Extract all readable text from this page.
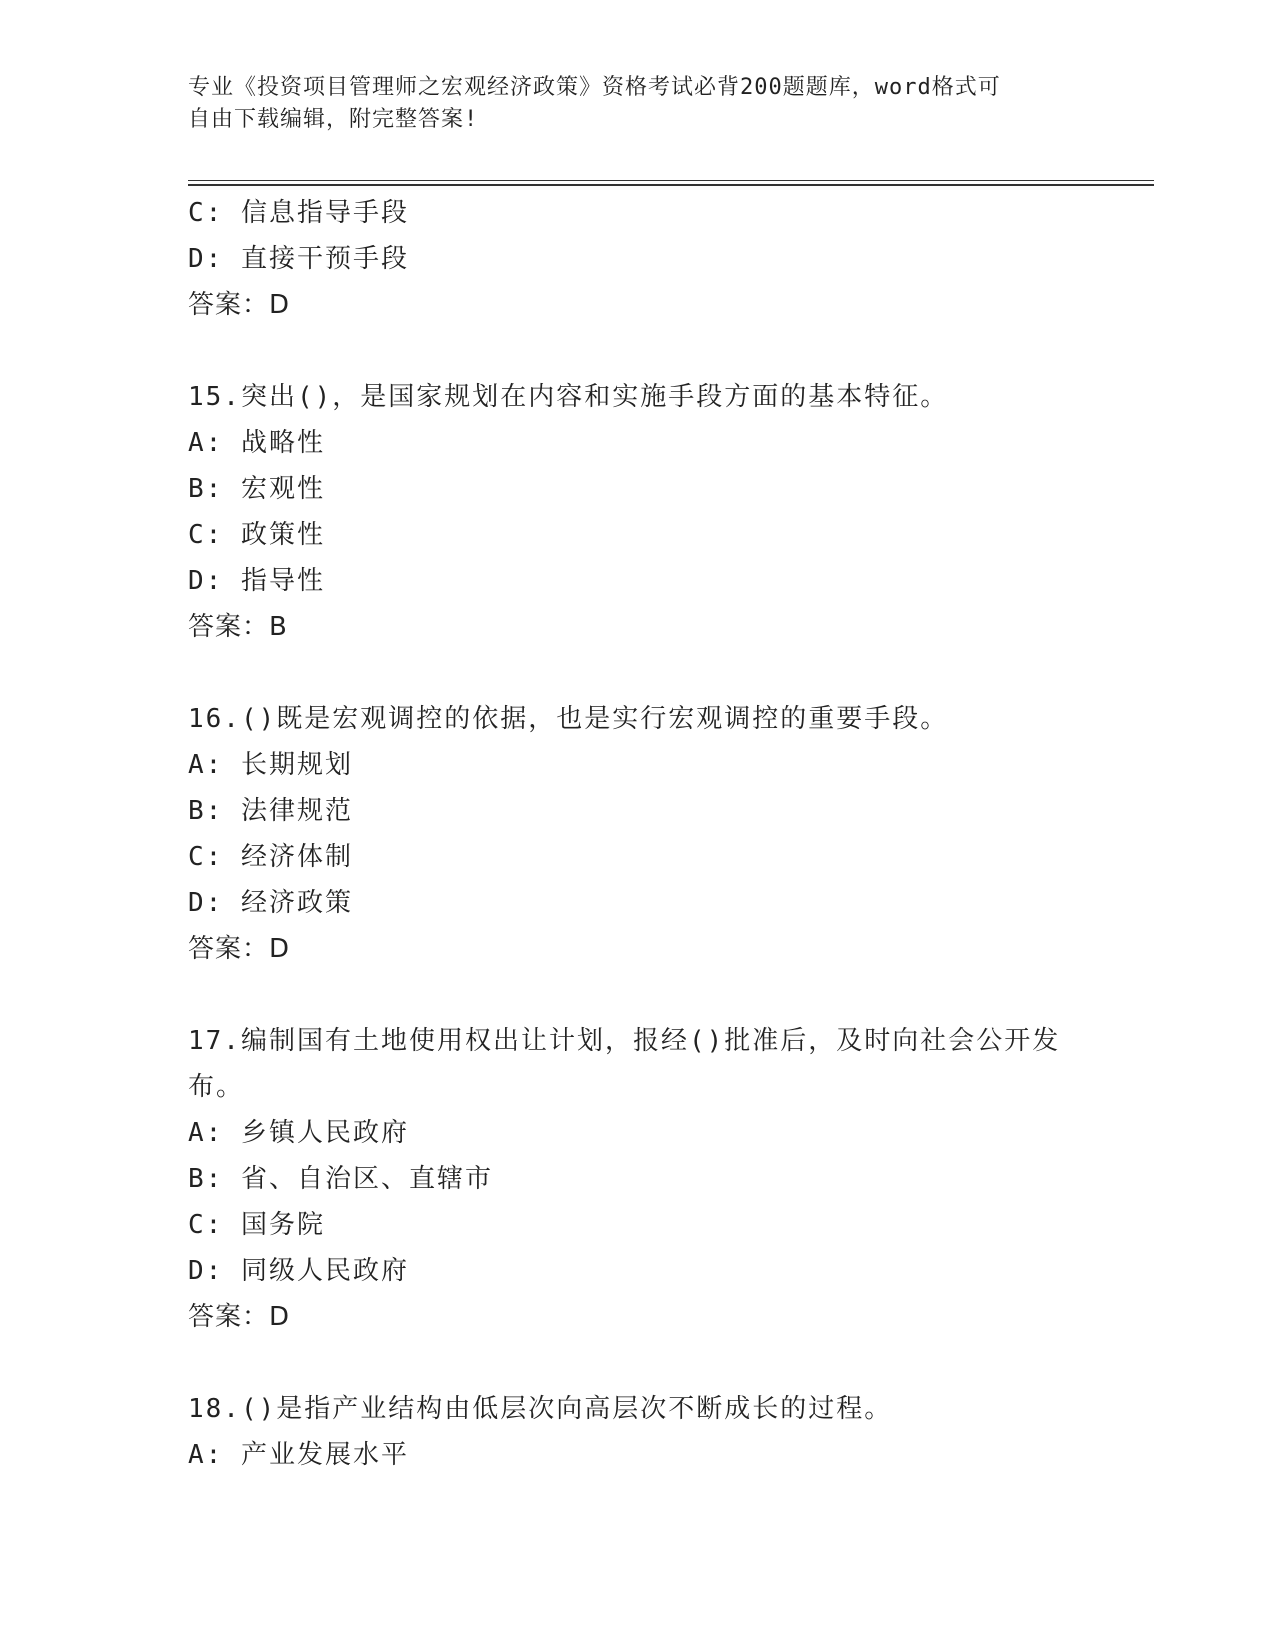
专业《投资项目管理师之宏观经济政策》资格考试必背200题题库，word格式可
自由下载编辑，附完整答案!
C: 信息指导手段
D: 直接干预手段
答案：D
15.突出()，是国家规划在内容和实施手段方面的基本特征。
A: 战略性
B: 宏观性
C: 政策性
D: 指导性
答案：B
16.()既是宏观调控的依据，也是实行宏观调控的重要手段。
A: 长期规划
B: 法律规范
C: 经济体制
D: 经济政策
答案：D
17.编制国有土地使用权出让计划，报经()批准后，及时向社会公开发
布。
A: 乡镇人民政府
B: 省、自治区、直辖市
C: 国务院
D: 同级人民政府
答案：D
18.()是指产业结构由低层次向高层次不断成长的过程。
A: 产业发展水平
